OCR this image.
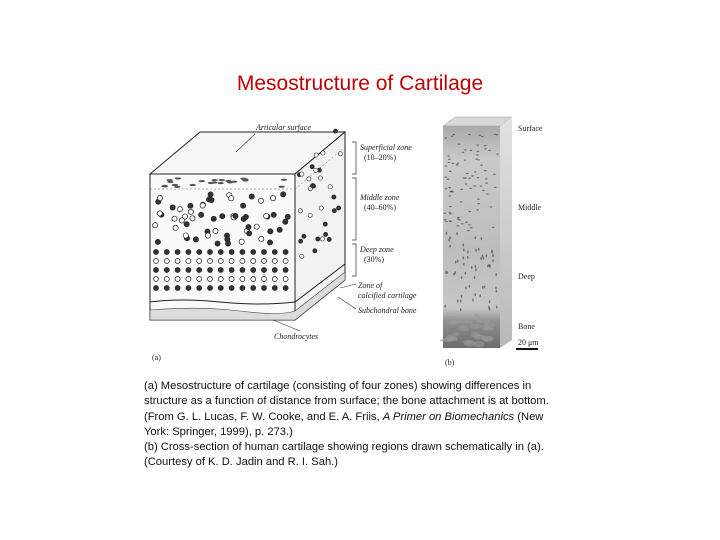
Mesostructure of Cartilage
Articular surface
Superficial zone
(10–20%)
Middle zone
(40–60%)
Deep zone
(30%)
Zone of
calcified cartilage
Subchondral bone
Chondrocytes
(a)
Surface
Middle
Deep
Bone
20 μm
(b)
(a) Mesostructure of cartilage (consisting of four zones) showing differences in
structure as a function of distance from surface; the bone attachment is at bottom.
(From G. L. Lucas, F. W. Cooke, and E. A. Friis, A Primer on Biomechanics (New
York: Springer, 1999), p. 273.)
(b) Cross-section of human cartilage showing regions drawn schematically in (a).
(Courtesy of K. D. Jadin and R. I. Sah.)
